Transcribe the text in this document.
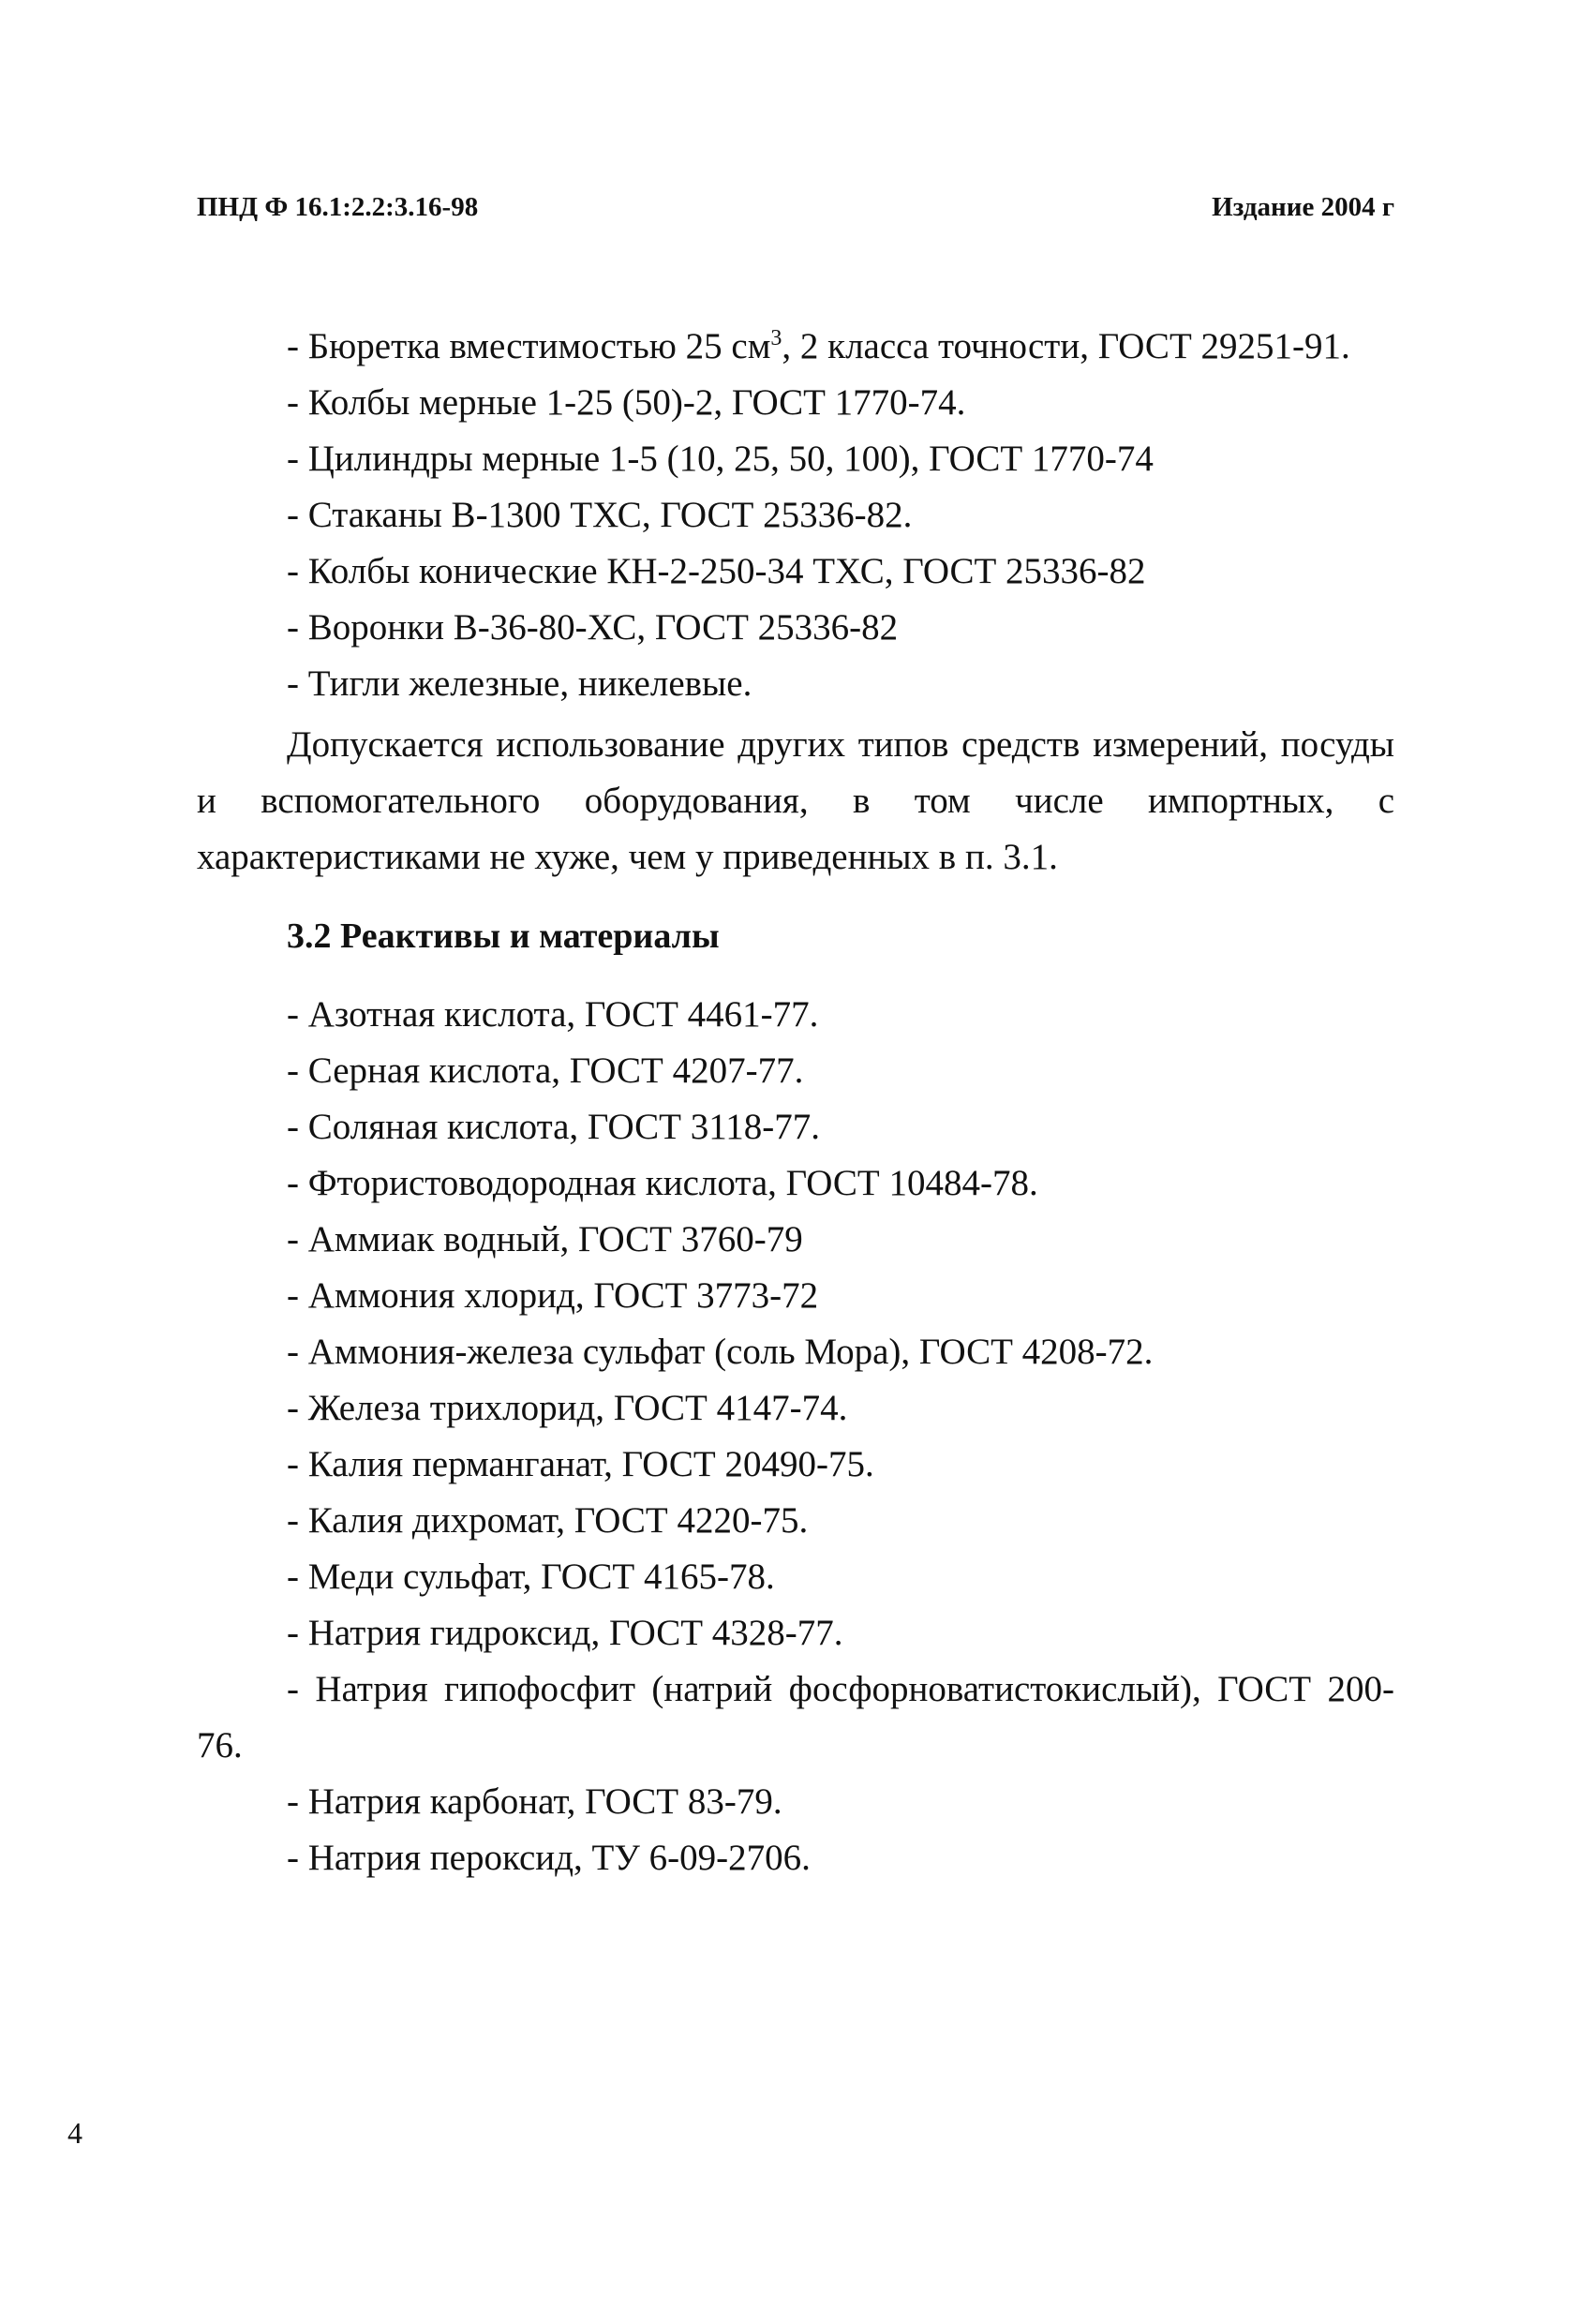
ПНД Ф 16.1:2.2:3.16-98	Издание 2004 г
- Бюретка вместимостью 25 $см^3$, 2 класса точности, ГОСТ 29251-91.
- Колбы мерные 1-25 (50)-2, ГОСТ 1770-74.
- Цилиндры мерные 1-5 (10, 25, 50, 100), ГОСТ 1770-74
- Стаканы В-1300 ТХС, ГОСТ 25336-82.
- Колбы конические КН-2-250-34 ТХС, ГОСТ 25336-82
- Воронки В-36-80-ХС, ГОСТ 25336-82
- Тигли железные, никелевые.
Допускается использование других типов средств измерений, посуды и вспомогательного оборудования, в том числе импортных, с характеристиками не хуже, чем у приведенных в п. 3.1.
3.2 Реактивы и материалы
- Азотная кислота, ГОСТ 4461-77.
- Серная кислота, ГОСТ 4207-77.
- Соляная кислота, ГОСТ 3118-77.
- Фтористоводородная кислота, ГОСТ 10484-78.
- Аммиак водный, ГОСТ 3760-79
- Аммония хлорид, ГОСТ 3773-72
- Аммония-железа сульфат (соль Мора), ГОСТ 4208-72.
- Железа трихлорид, ГОСТ 4147-74.
- Калия перманганат, ГОСТ 20490-75.
- Калия дихромат, ГОСТ 4220-75.
- Меди сульфат, ГОСТ 4165-78.
- Натрия гидроксид, ГОСТ 4328-77.
- Натрия гипофосфит (натрий фосфорноватистокислый), ГОСТ 200-76.
- Натрия карбонат, ГОСТ 83-79.
- Натрия пероксид, ТУ 6-09-2706.
4
